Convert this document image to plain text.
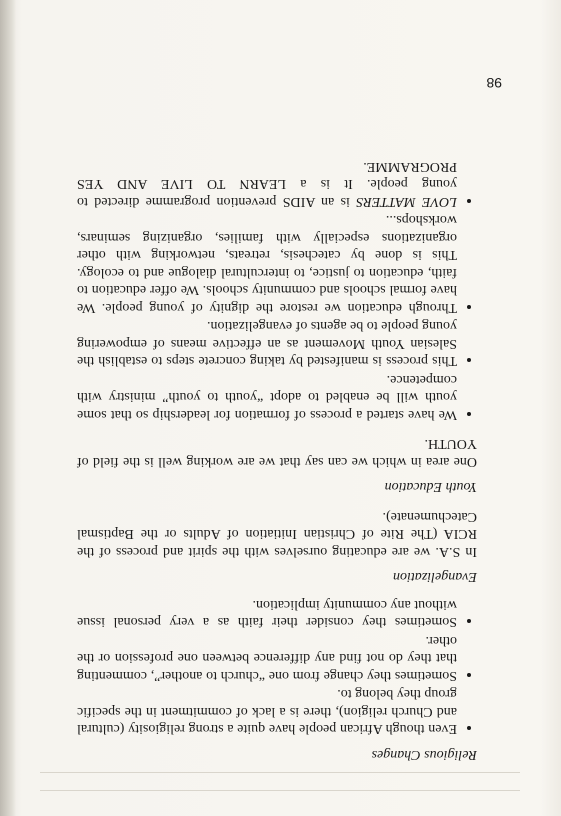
98
Religious Changes
• Even though African people have quite a strong religiosity (cultural and Church religion), there is a lack of commitment in the specific group they belong to.
• Sometimes they change from one “church to another”, commenting that they do not find any difference between one profession or the other.
• Sometimes they consider their faith as a very personal issue without any community implication.
Evangelization

In S.A. we are educating ourselves with the spirit and process of the RCIA (The Rite of Christian Initiation of Adults or the Baptismal Catechumenate).

Youth Education

One area in which we can say that we are working well is the field of YOUTH.

• We have started a process of formation for leadership so that some youth will be enabled to adopt “youth to youth” ministry with competence.
• This process is manifested by taking concrete steps to establish the Salesian Youth Movement as an effective means of empowering young people to be agents of evangelization.
• Through education we restore the dignity of young people. We have formal schools and community schools. We offer education to faith, education to justice, to intercultural dialogue and to ecology. This is done by catechesis, retreats, networking with other organizations especially with families, organizing seminars, workshops...
• LOVE MATTERS is an AIDS prevention programme directed to young people. It is a LEARN TO LIVE AND YES PROGRAMME.
